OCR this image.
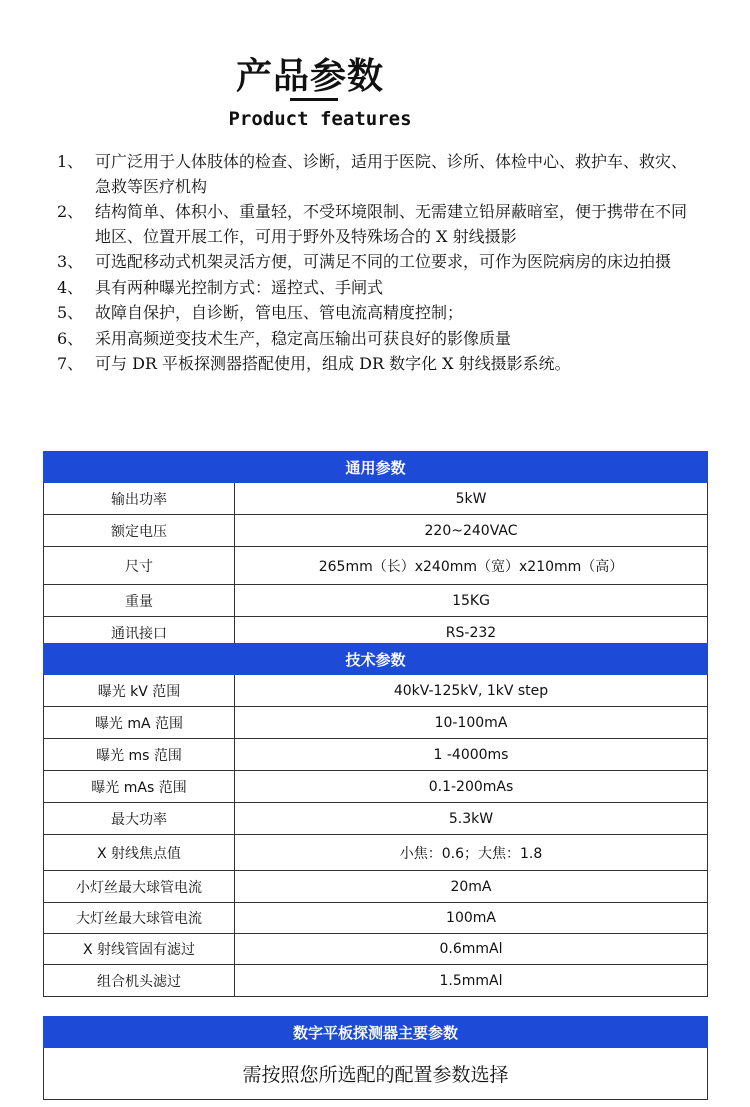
产品参数
Product features
1、 可广泛用于人体肢体的检查、诊断，适用于医院、诊所、体检中心、救护车、救灾、急救等医疗机构
2、 结构简单、体积小、重量轻，不受环境限制、无需建立铅屏蔽暗室，便于携带在不同地区、位置开展工作，可用于野外及特殊场合的 X 射线摄影
3、 可选配移动式机架灵活方便，可满足不同的工位要求，可作为医院病房的床边拍摄
4、 具有两种曝光控制方式：遥控式、手闸式
5、 故障自保护，自诊断，管电压、管电流高精度控制；
6、 采用高频逆变技术生产，稳定高压输出可获良好的影像质量
7、 可与 DR 平板探测器搭配使用，组成 DR 数字化 X 射线摄影系统。
通用参数	
输出功率	5kW
额定电压	220~240VAC
尺寸	265mm（长）x240mm（宽）x210mm（高）
重量	15KG
通讯接口	RS-232
技术参数	
曝光 kV 范围	40kV-125kV, 1kV step
曝光 mA 范围	10-100mA
曝光 ms 范围	1 -4000ms
曝光 mAs 范围	0.1-200mAs
最大功率	5.3kW
X 射线焦点值	小焦：0.6；大焦：1.8
小灯丝最大球管电流	20mA
大灯丝最大球管电流	100mA
X 射线管固有滤过	0.6mmAl
组合机头滤过	1.5mmAl
数字平板探测器主要参数
需按照您所选配的配置参数选择
